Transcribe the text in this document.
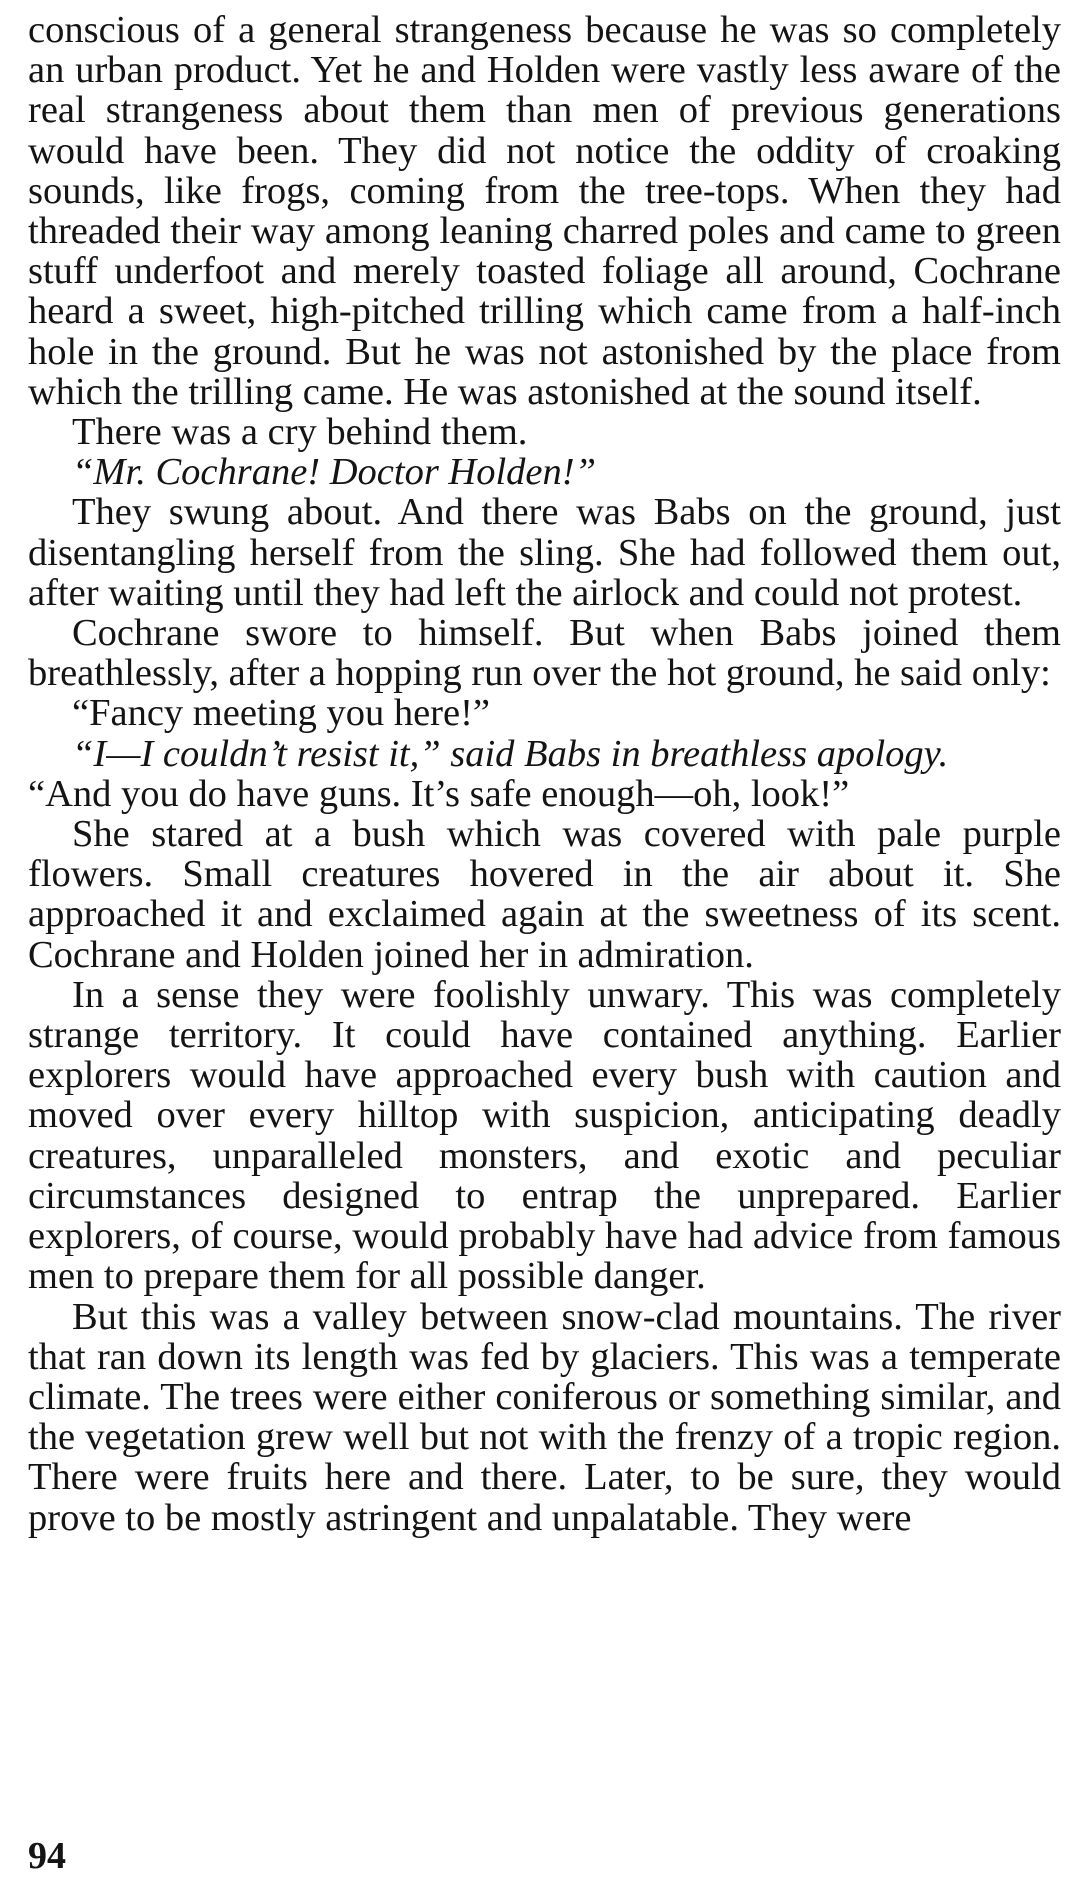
conscious of a general strangeness because he was so completely an urban product. Yet he and Holden were vastly less aware of the real strangeness about them than men of previous generations would have been. They did not notice the oddity of croaking sounds, like frogs, coming from the tree-tops. When they had threaded their way among leaning charred poles and came to green stuff underfoot and merely toasted foliage all around, Cochrane heard a sweet, high-pitched trilling which came from a half-inch hole in the ground. But he was not astonished by the place from which the trilling came. He was astonished at the sound itself.

There was a cry behind them.

“Mr. Cochrane! Doctor Holden!”

They swung about. And there was Babs on the ground, just disentangling herself from the sling. She had followed them out, after waiting until they had left the airlock and could not protest.

Cochrane swore to himself. But when Babs joined them breathlessly, after a hopping run over the hot ground, he said only:

“Fancy meeting you here!”

“I—I couldn’t resist it,” said Babs in breathless apology.

“And you do have guns. It’s safe enough—oh, look!”

She stared at a bush which was covered with pale purple flowers. Small creatures hovered in the air about it. She approached it and exclaimed again at the sweetness of its scent. Cochrane and Holden joined her in admiration.

In a sense they were foolishly unwary. This was completely strange territory. It could have contained anything. Earlier explorers would have approached every bush with caution and moved over every hilltop with suspicion, anticipating deadly creatures, unparalleled monsters, and exotic and peculiar circumstances designed to entrap the unprepared. Earlier explorers, of course, would probably have had advice from famous men to prepare them for all possible danger.

But this was a valley between snow-clad mountains. The river that ran down its length was fed by glaciers. This was a temperate climate. The trees were either coniferous or something similar, and the vegetation grew well but not with the frenzy of a tropic region. There were fruits here and there. Later, to be sure, they would prove to be mostly astringent and unpalatable. They were

94
